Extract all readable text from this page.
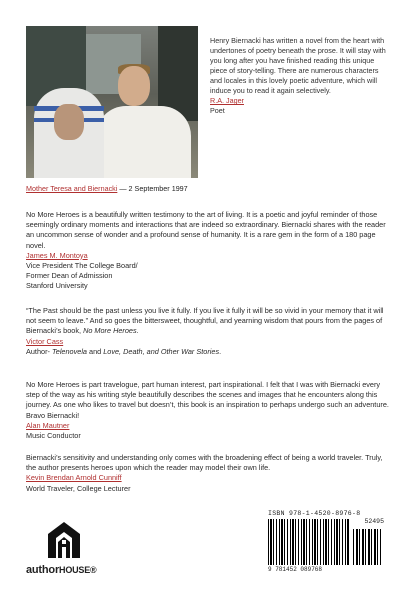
Mother Teresa and Biernacki — 2 September 1997

Henry Biernacki has written a novel from the heart with undertones of poetry beneath the prose. It will stay with you long after you have finished reading this unique piece of story-telling. There are numerous characters and locales in this lovely poetic adventure, which will induce you to read it again selectively.

R.A. Jager

Poet

No More Heroes is a beautifully written testimony to the art of living. It is a poetic and joyful reminder of those seemingly ordinary moments and interactions that are indeed so extraordinary. Biernacki shares with the reader an uncommon sense of wonder and a profound sense of humanity. It is a rare gem in the form of a 180 page novel.

James M. Montoya

Vice President The College Board/

Former Dean of Admission

Stanford University

“The Past should be the past unless you live it fully. If you live it fully it will be so vivid in your memory that it will not seem to leave.” And so goes the bittersweet, thoughtful, and yearning wisdom that pours from the pages of Biernacki’s book, No More Heroes.

Victor Cass

Author- Telenovela and Love, Death, and Other War Stories.

No More Heroes is part travelogue, part human interest, part inspirational. I felt that I was with Biernacki every step of the way as his writing style beautifully describes the scenes and images that he encounters along this journey. As one who likes to travel but doesn’t, this book is an inspiration to perhaps undergo such an adventure. Bravo Biernacki!

Alan Mautner

Music Conductor

Biernacki’s sensitivity and understanding only comes with the broadening effect of being a world traveler. Truly, the author presents heroes upon which the reader may model their own life.

Kevin Brendan Arnold Cunniff

World Traveler, College Lecturer

authorHOUSE®
ISBN 978-1-4520-8976-8
52495
9 781452 089768
